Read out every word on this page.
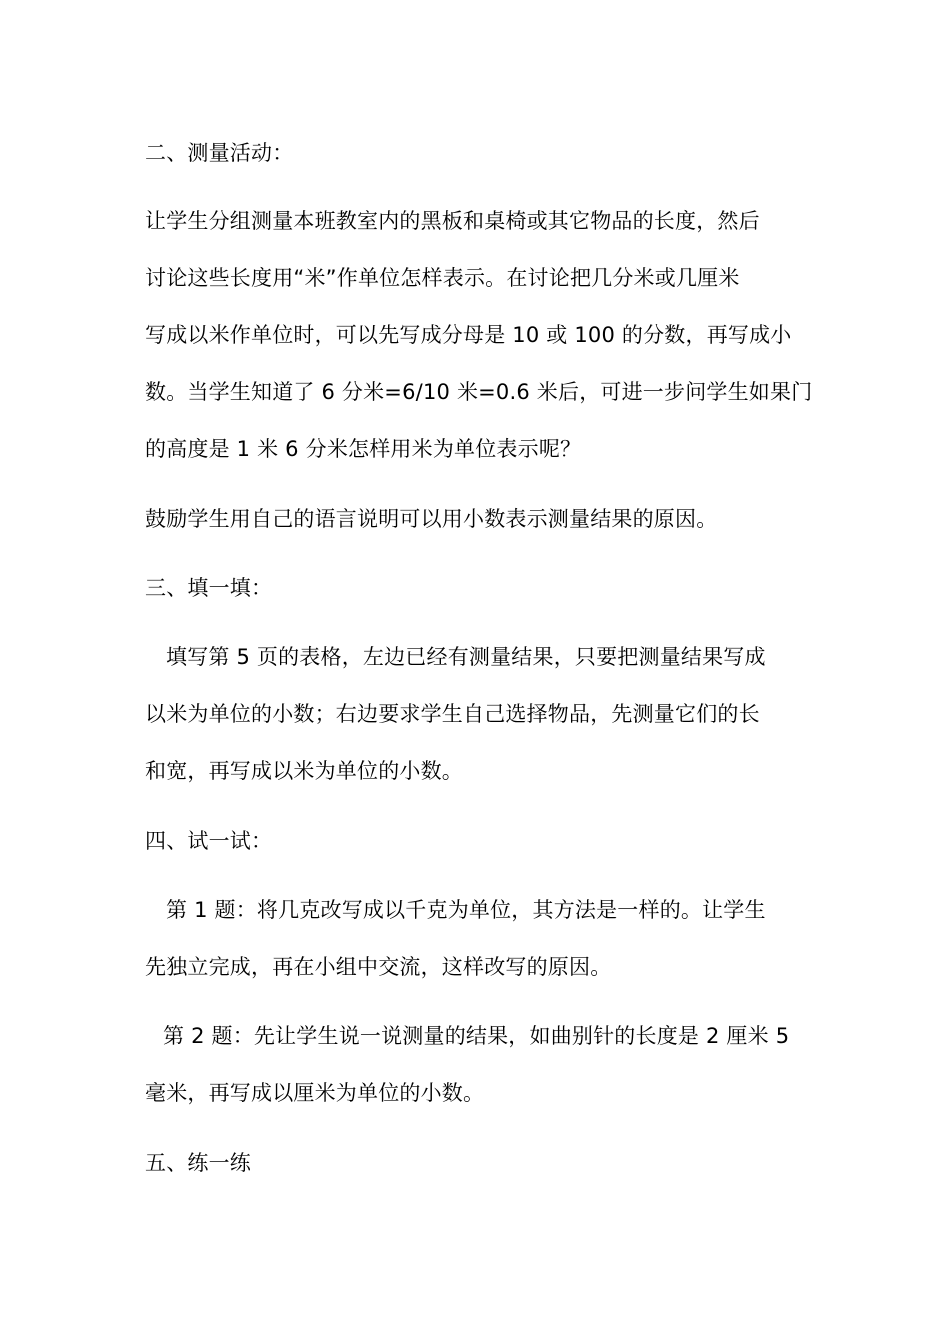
二、测量活动：
让学生分组测量本班教室内的黑板和桌椅或其它物品的长度，然后
讨论这些长度用“米”作单位怎样表示。在讨论把几分米或几厘米
写成以米作单位时，可以先写成分母是 10 或 100 的分数，再写成小
数。当学生知道了 6 分米=6/10 米=0.6 米后，可进一步问学生如果门
的高度是 1 米 6 分米怎样用米为单位表示呢？
鼓励学生用自己的语言说明可以用小数表示测量结果的原因。
三、填一填：
填写第 5 页的表格，左边已经有测量结果，只要把测量结果写成
以米为单位的小数；右边要求学生自己选择物品，先测量它们的长
和宽，再写成以米为单位的小数。
四、试一试：
第 1 题：将几克改写成以千克为单位，其方法是一样的。让学生
先独立完成，再在小组中交流，这样改写的原因。
第 2 题：先让学生说一说测量的结果，如曲别针的长度是 2 厘米 5
毫米，再写成以厘米为单位的小数。
五、练一练
